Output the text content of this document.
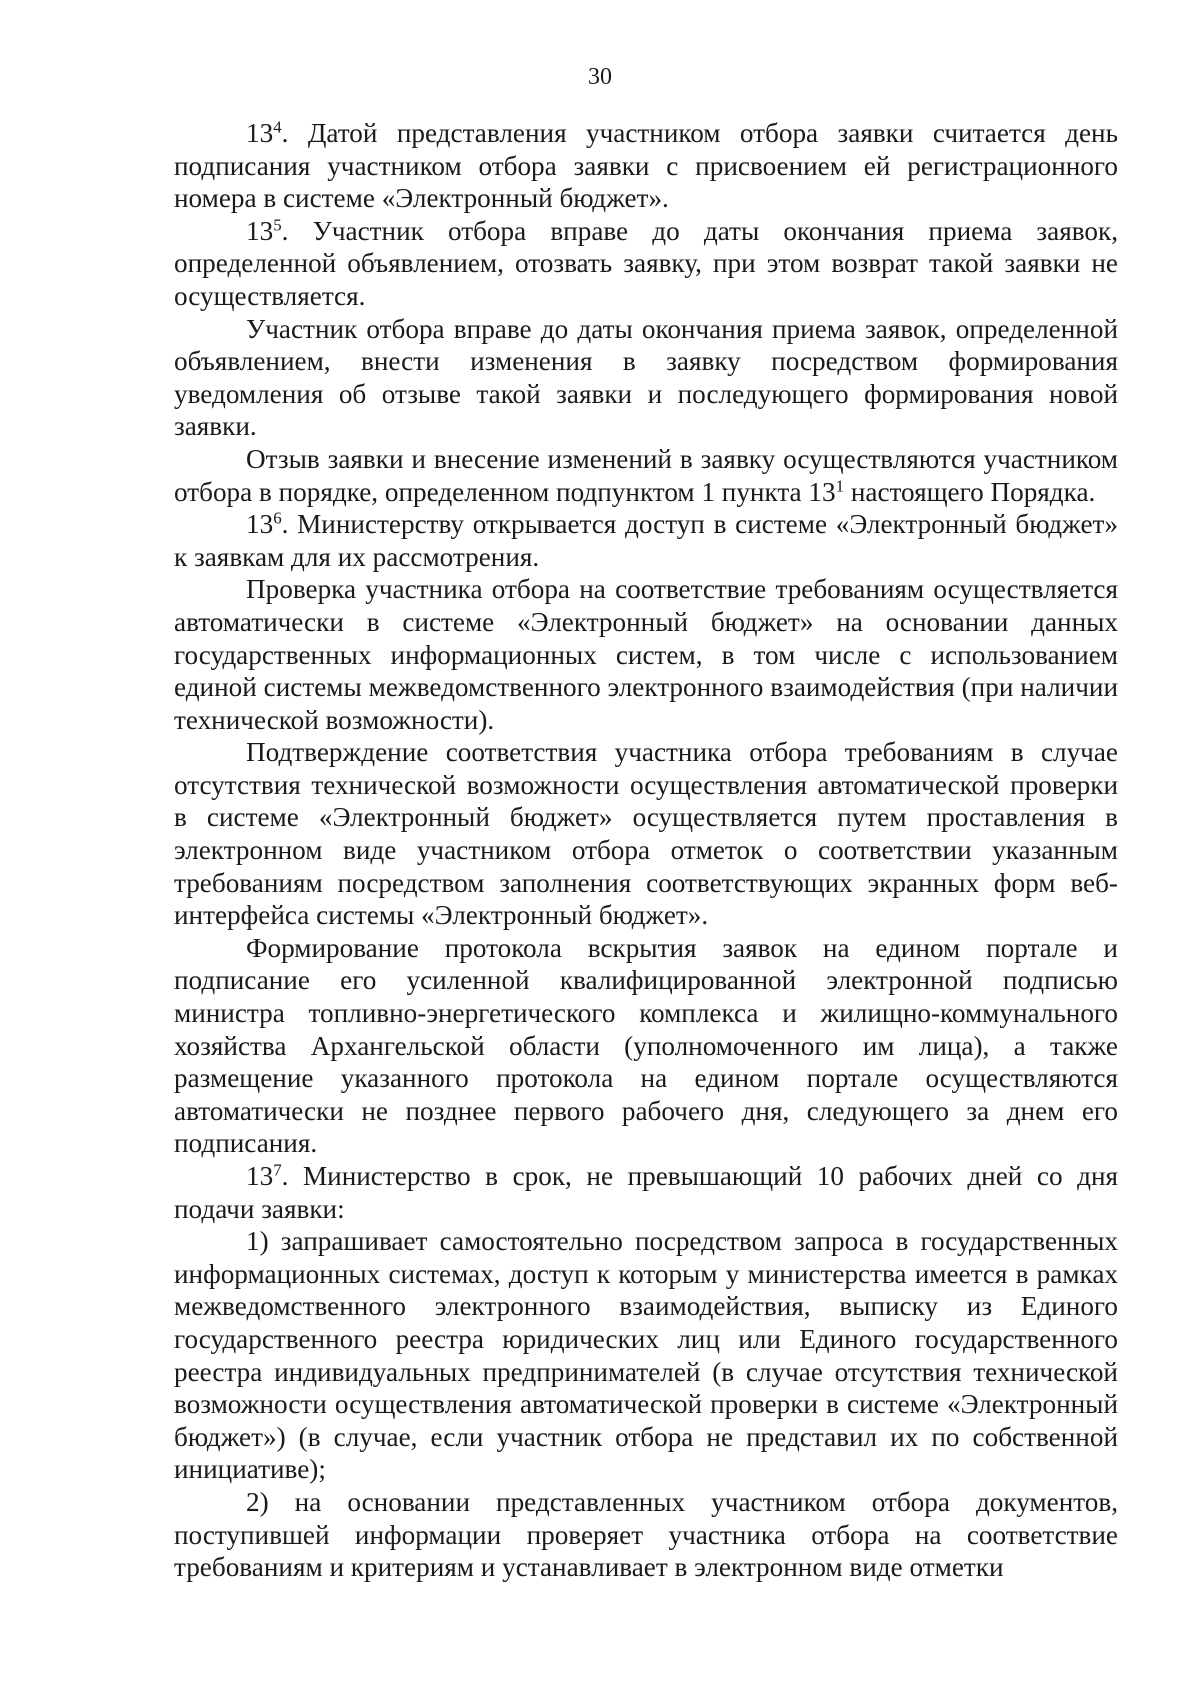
30

$13^4$. Датой представления участником отбора заявки считается день подписания участником отбора заявки с присвоением ей регистрационного номера в системе «Электронный бюджет».

$13^5$. Участник отбора вправе до даты окончания приема заявок, определенной объявлением, отозвать заявку, при этом возврат такой заявки не осуществляется.

Участник отбора вправе до даты окончания приема заявок, определенной объявлением, внести изменения в заявку посредством формирования уведомления об отзыве такой заявки и последующего формирования новой заявки.

Отзыв заявки и внесение изменений в заявку осуществляются участником отбора в порядке, определенном подпунктом 1 пункта $13^1$ настоящего Порядка.

$13^6$. Министерству открывается доступ в системе «Электронный бюджет» к заявкам для их рассмотрения.

Проверка участника отбора на соответствие требованиям осуществляется автоматически в системе «Электронный бюджет» на основании данных государственных информационных систем, в том числе с использованием единой системы межведомственного электронного взаимодействия (при наличии технической возможности).

Подтверждение соответствия участника отбора требованиям в случае отсутствия технической возможности осуществления автоматической проверки в системе «Электронный бюджет» осуществляется путем проставления в электронном виде участником отбора отметок о соответствии указанным требованиям посредством заполнения соответствующих экранных форм веб-интерфейса системы «Электронный бюджет».

Формирование протокола вскрытия заявок на едином портале и подписание его усиленной квалифицированной электронной подписью министра топливно-энергетического комплекса и жилищно-коммунального хозяйства Архангельской области (уполномоченного им лица), а также размещение указанного протокола на едином портале осуществляются автоматически не позднее первого рабочего дня, следующего за днем его подписания.

$13^7$. Министерство в срок, не превышающий 10 рабочих дней со дня подачи заявки:

1) запрашивает самостоятельно посредством запроса в государственных информационных системах, доступ к которым у министерства имеется в рамках межведомственного электронного взаимодействия, выписку из Единого государственного реестра юридических лиц или Единого государственного реестра индивидуальных предпринимателей (в случае отсутствия технической возможности осуществления автоматической проверки в системе «Электронный бюджет») (в случае, если участник отбора не представил их по собственной инициативе);

2) на основании представленных участником отбора документов, поступившей информации проверяет участника отбора на соответствие требованиям и критериям и устанавливает в электронном виде отметки
